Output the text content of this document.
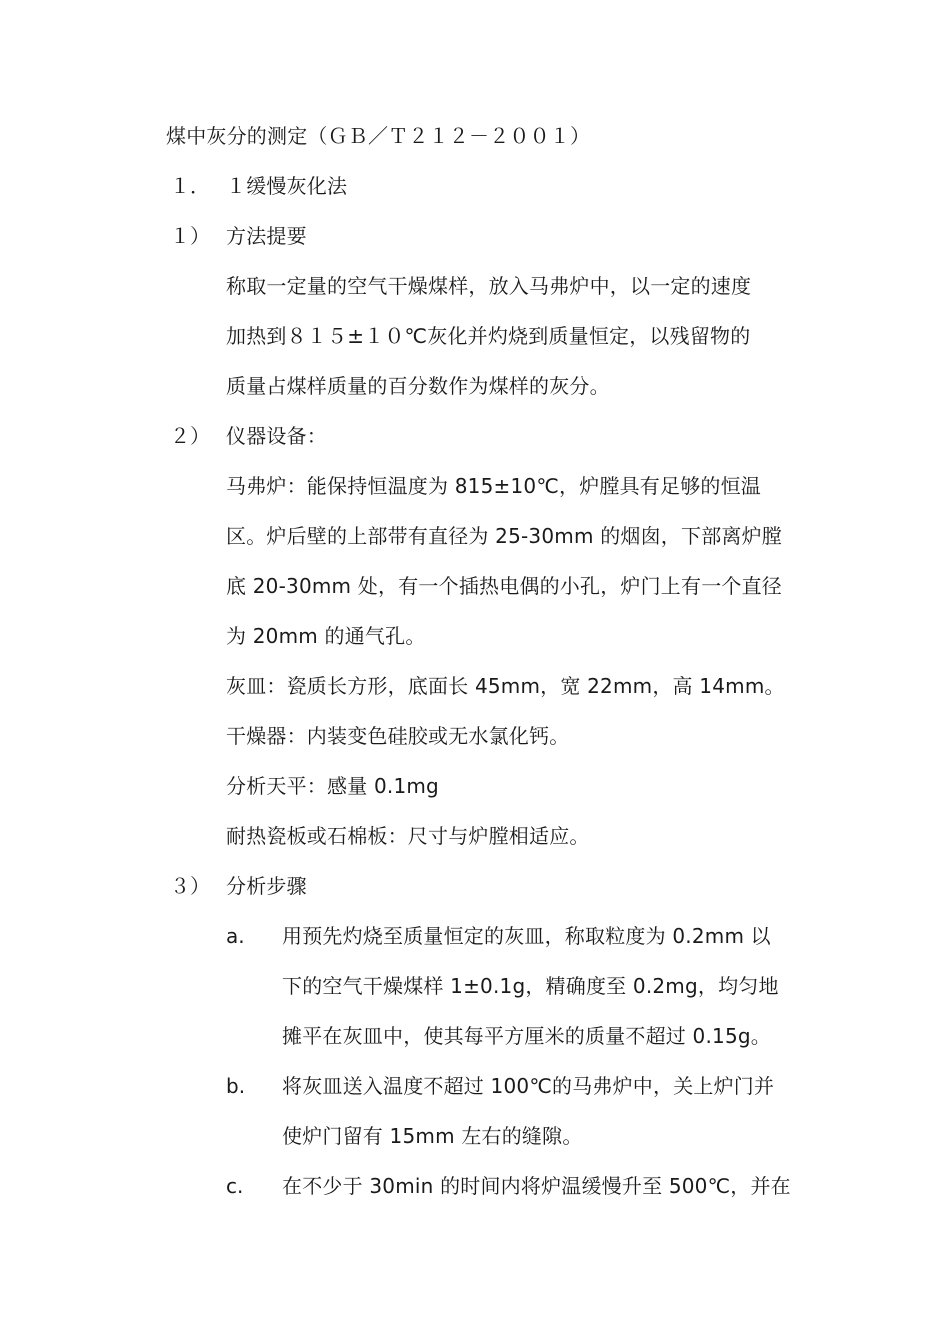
煤中灰分的测定（ＧＢ／Ｔ２１２－２００１）
１． １缓慢灰化法
１） 方法提要
称取一定量的空气干燥煤样，放入马弗炉中，以一定的速度
加热到８１５±１０℃灰化并灼烧到质量恒定，以残留物的
质量占煤样质量的百分数作为煤样的灰分。
２） 仪器设备：
马弗炉：能保持恒温度为 815±10℃，炉膛具有足够的恒温
区。炉后壁的上部带有直径为 25-30mm 的烟囱，下部离炉膛
底 20-30mm 处，有一个插热电偶的小孔，炉门上有一个直径
为 20mm 的通气孔。
灰皿：瓷质长方形，底面长 45mm，宽 22mm，高 14mm。
干燥器：内装变色硅胶或无水氯化钙。
分析天平：感量 0.1mg
耐热瓷板或石棉板：尺寸与炉膛相适应。
３） 分析步骤
a. 用预先灼烧至质量恒定的灰皿，称取粒度为 0.2mm 以
下的空气干燥煤样 1±0.1g，精确度至 0.2mg，均匀地
摊平在灰皿中，使其每平方厘米的质量不超过 0.15g。
b. 将灰皿送入温度不超过 100℃的马弗炉中，关上炉门并
使炉门留有 15mm 左右的缝隙。
c. 在不少于 30min 的时间内将炉温缓慢升至 500℃，并在
